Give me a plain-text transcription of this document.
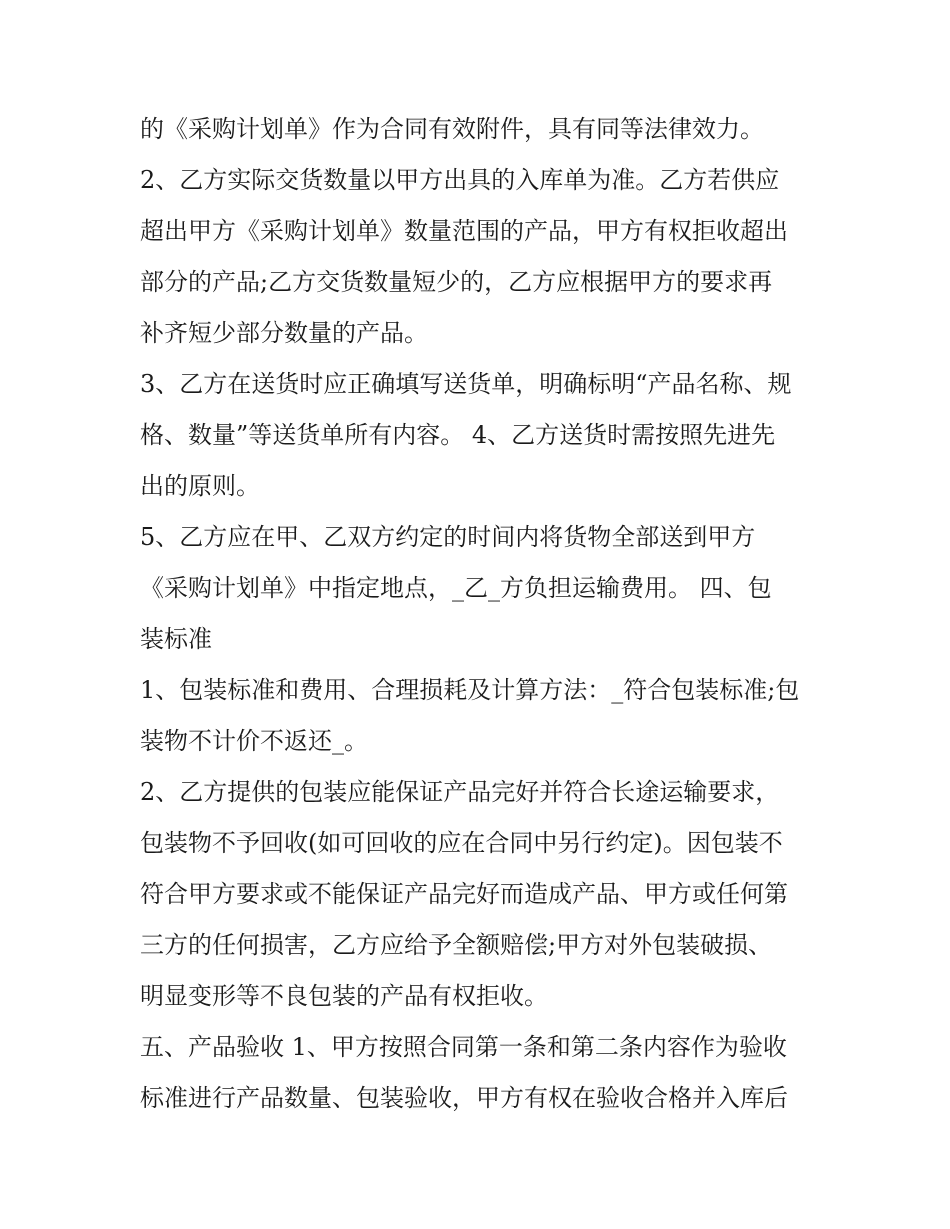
的《采购计划单》作为合同有效附件，具有同等法律效力。
2、乙方实际交货数量以甲方出具的入库单为准。乙方若供应
超出甲方《采购计划单》数量范围的产品，甲方有权拒收超出
部分的产品;乙方交货数量短少的，乙方应根据甲方的要求再
补齐短少部分数量的产品。
3、乙方在送货时应正确填写送货单，明确标明“产品名称、规
格、数量”等送货单所有内容。 4、乙方送货时需按照先进先
出的原则。
5、乙方应在甲、乙双方约定的时间内将货物全部送到甲方
《采购计划单》中指定地点，_乙_方负担运输费用。 四、包
装标准
1、包装标准和费用、合理损耗及计算方法：_符合包装标准;包
装物不计价不返还_。
2、乙方提供的包装应能保证产品完好并符合长途运输要求，
包装物不予回收(如可回收的应在合同中另行约定)。因包装不
符合甲方要求或不能保证产品完好而造成产品、甲方或任何第
三方的任何损害，乙方应给予全额赔偿;甲方对外包装破损、
明显变形等不良包装的产品有权拒收。
五、产品验收 1、甲方按照合同第一条和第二条内容作为验收
标准进行产品数量、包装验收，甲方有权在验收合格并入库后
